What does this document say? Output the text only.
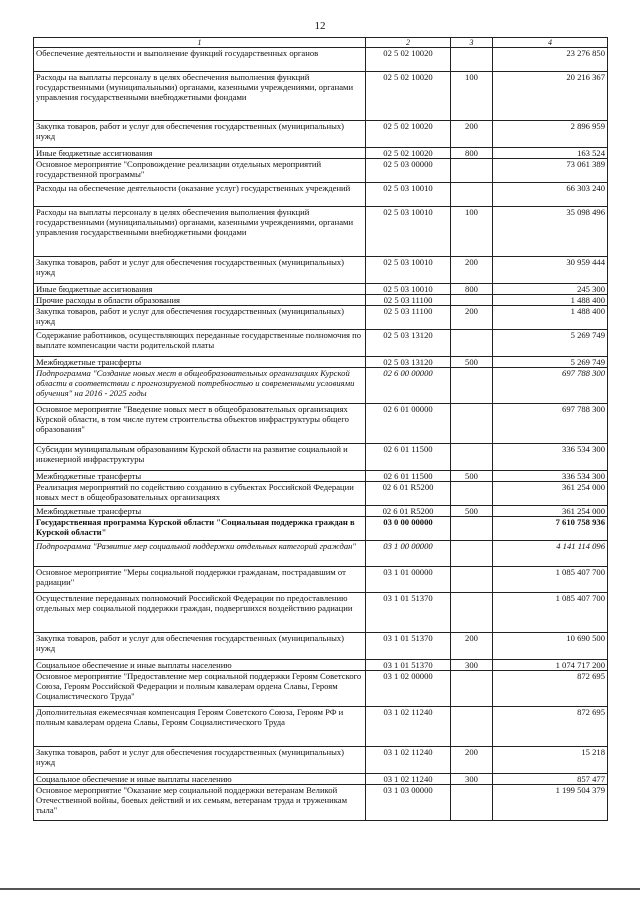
12
1	2	3	4
Обеспечение деятельности и выполнение функций государственных органов	02 5 02 10020		23 276 850
Расходы на выплаты персоналу в целях обеспечения выполнения функций государственными (муниципальными) органами, казенными учреждениями, органами управления государственными внебюджетными фондами	02 5 02 10020	100	20 216 367
Закупка товаров, работ и услуг для обеспечения государственных (муниципальных) нужд	02 5 02 10020	200	2 896 959
Иные бюджетные ассигнования	02 5 02 10020	800	163 524
Основное мероприятие "Сопровождение реализации отдельных мероприятий государственной программы"	02 5 03 00000		73 061 389
Расходы на обеспечение деятельности (оказание услуг) государственных учреждений	02 5 03 10010		66 303 240
Расходы на выплаты персоналу в целях обеспечения выполнения функций государственными (муниципальными) органами, казенными учреждениями, органами управления государственными внебюджетными фондами	02 5 03 10010	100	35 098 496
Закупка товаров, работ и услуг для обеспечения государственных (муниципальных) нужд	02 5 03 10010	200	30 959 444
Иные бюджетные ассигнования	02 5 03 10010	800	245 300
Прочие расходы в области образования	02 5 03 11100		1 488 400
Закупка товаров, работ и услуг для обеспечения государственных (муниципальных) нужд	02 5 03 11100	200	1 488 400
Содержание работников, осуществляющих переданные государственные полномочия по выплате компенсации части родительской платы	02 5 03 13120		5 269 749
Межбюджетные трансферты	02 5 03 13120	500	5 269 749
Подпрограмма "Создание новых мест в общеобразовательных организациях Курской области в соответствии с прогнозируемой потребностью и современными условиями обучения" на 2016 - 2025 годы	02 6 00 00000		697 788 300
Основное мероприятие "Введение новых мест в общеобразовательных организациях Курской области, в том числе путем строительства объектов инфраструктуры общего образования"	02 6 01 00000		697 788 300
Субсидии муниципальным образованиям Курской области на развитие социальной и инженерной инфраструктуры	02 6 01 11500		336 534 300
Межбюджетные трансферты	02 6 01 11500	500	336 534 300
Реализация мероприятий по содействию созданию в субъектах Российской Федерации новых мест в общеобразовательных организациях	02 6 01 R5200		361 254 000
Межбюджетные трансферты	02 6 01 R5200	500	361 254 000
Государственная программа Курской области "Социальная поддержка граждан в Курской области"	03 0 00 00000		7 610 758 936
Подпрограмма "Развитие мер социальной поддержки отдельных категорий граждан"	03 1 00 00000		4 141 114 096
Основное мероприятие "Меры социальной поддержки гражданам, пострадавшим от радиации"	03 1 01 00000		1 085 407 700
Осуществление переданных полномочий Российской Федерации по предоставлению отдельных мер социальной поддержки граждан, подвергшихся воздействию радиации	03 1 01 51370		1 085 407 700
Закупка товаров, работ и услуг для обеспечения государственных (муниципальных) нужд	03 1 01 51370	200	10 690 500
Социальное обеспечение и иные выплаты населению	03 1 01 51370	300	1 074 717 200
Основное мероприятие "Предоставление мер социальной поддержки Героям Советского Союза, Героям Российской Федерации и полным кавалерам ордена Славы, Героям Социалистического Труда"	03 1 02 00000		872 695
Дополнительная ежемесячная компенсация Героям Советского Союза, Героям РФ и полным кавалерам ордена Славы, Героям Социалистического Труда	03 1 02 11240		872 695
Закупка товаров, работ и услуг для обеспечения государственных (муниципальных) нужд	03 1 02 11240	200	15 218
Социальное обеспечение и иные выплаты населению	03 1 02 11240	300	857 477
Основное мероприятие "Оказание мер социальной поддержки ветеранам Великой Отечественной войны, боевых действий и их семьям, ветеранам труда и труженикам тыла"	03 1 03 00000		1 199 504 379
